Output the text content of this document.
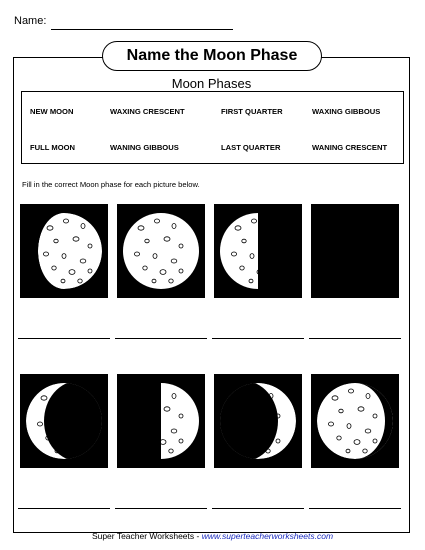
Name:
Name the Moon Phase
Moon Phases
NEW MOON	WAXING CRESCENT	FIRST QUARTER	WAXING GIBBOUS
FULL MOON	WANING GIBBOUS	LAST QUARTER	WANING CRESCENT
Fill in the correct Moon phase for each picture below.
Super Teacher Worksheets - www.superteacherworksheets.com
